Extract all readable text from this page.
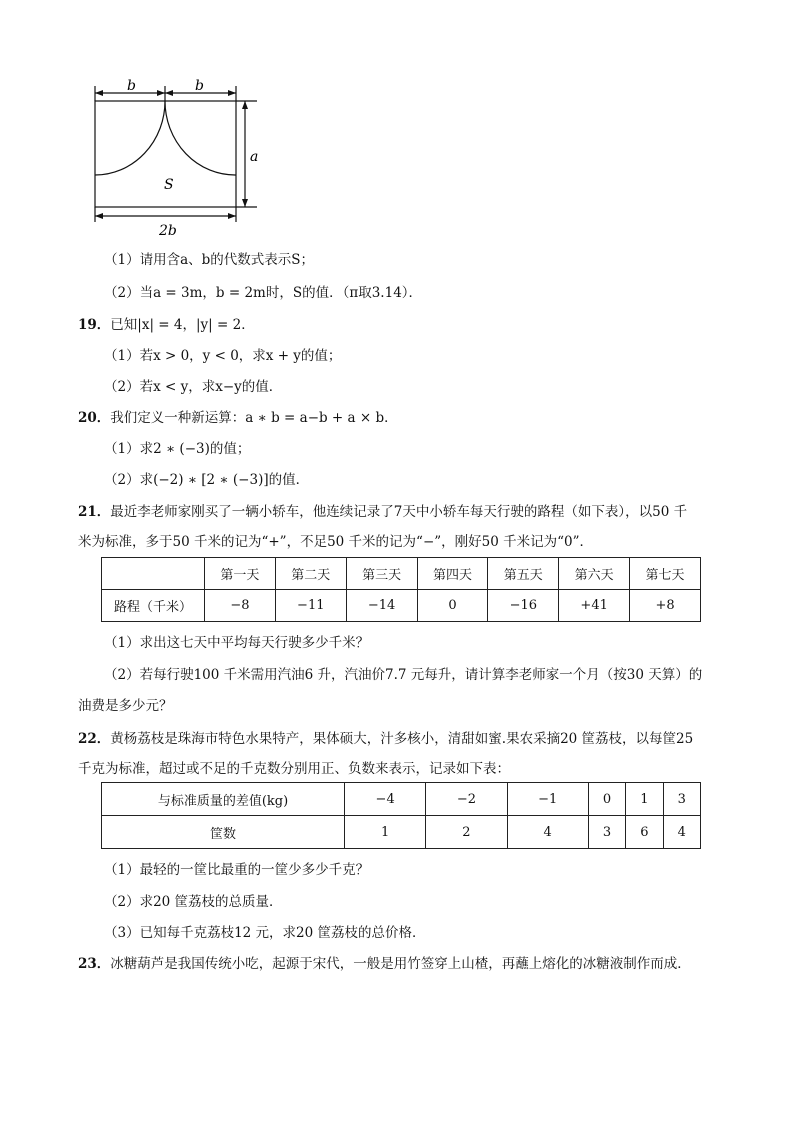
b	b
a
S
2b
（1）请用含a、b的代数式表示S；
（2）当a = 3m，b = 2m时，S的值．（π取3.14）．
19．已知|x| = 4，|y| = 2．
（1）若x > 0，y < 0，求x + y的值；
（2）若x < y，求x−y的值．
20．我们定义一种新运算：a ∗ b = a−b + a × b．
（1）求2 ∗ (−3)的值；
（2）求(−2) ∗ [2 ∗ (−3)]的值．
21．最近李老师家刚买了一辆小轿车，他连续记录了7天中小轿车每天行驶的路程（如下表），以50 千
米为标准，多于50 千米的记为“+”，不足50 千米的记为“−”，刚好50 千米记为“0”．
	第一天	第二天	第三天	第四天	第五天	第六天	第七天
路程（千米）	−8	−11	−14	0	−16	+41	+8
（1）求出这七天中平均每天行驶多少千米？
（2）若每行驶100 千米需用汽油6 升，汽油价7.7 元每升，请计算李老师家一个月（按30 天算）的
油费是多少元？
22．黄杨荔枝是珠海市特色水果特产，果体硕大，汁多核小，清甜如蜜.果农采摘20 筐荔枝，以每筐25
千克为标准，超过或不足的千克数分别用正、负数来表示，记录如下表：
与标准质量的差值(kg)	−4	−2	−1	0	1	3
筐数	1	2	4	3	6	4
（1）最轻的一筐比最重的一筐少多少千克？
（2）求20 筐荔枝的总质量．
（3）已知每千克荔枝12 元，求20 筐荔枝的总价格．
23．冰糖葫芦是我国传统小吃，起源于宋代，一般是用竹签穿上山楂，再蘸上熔化的冰糖液制作而成．
